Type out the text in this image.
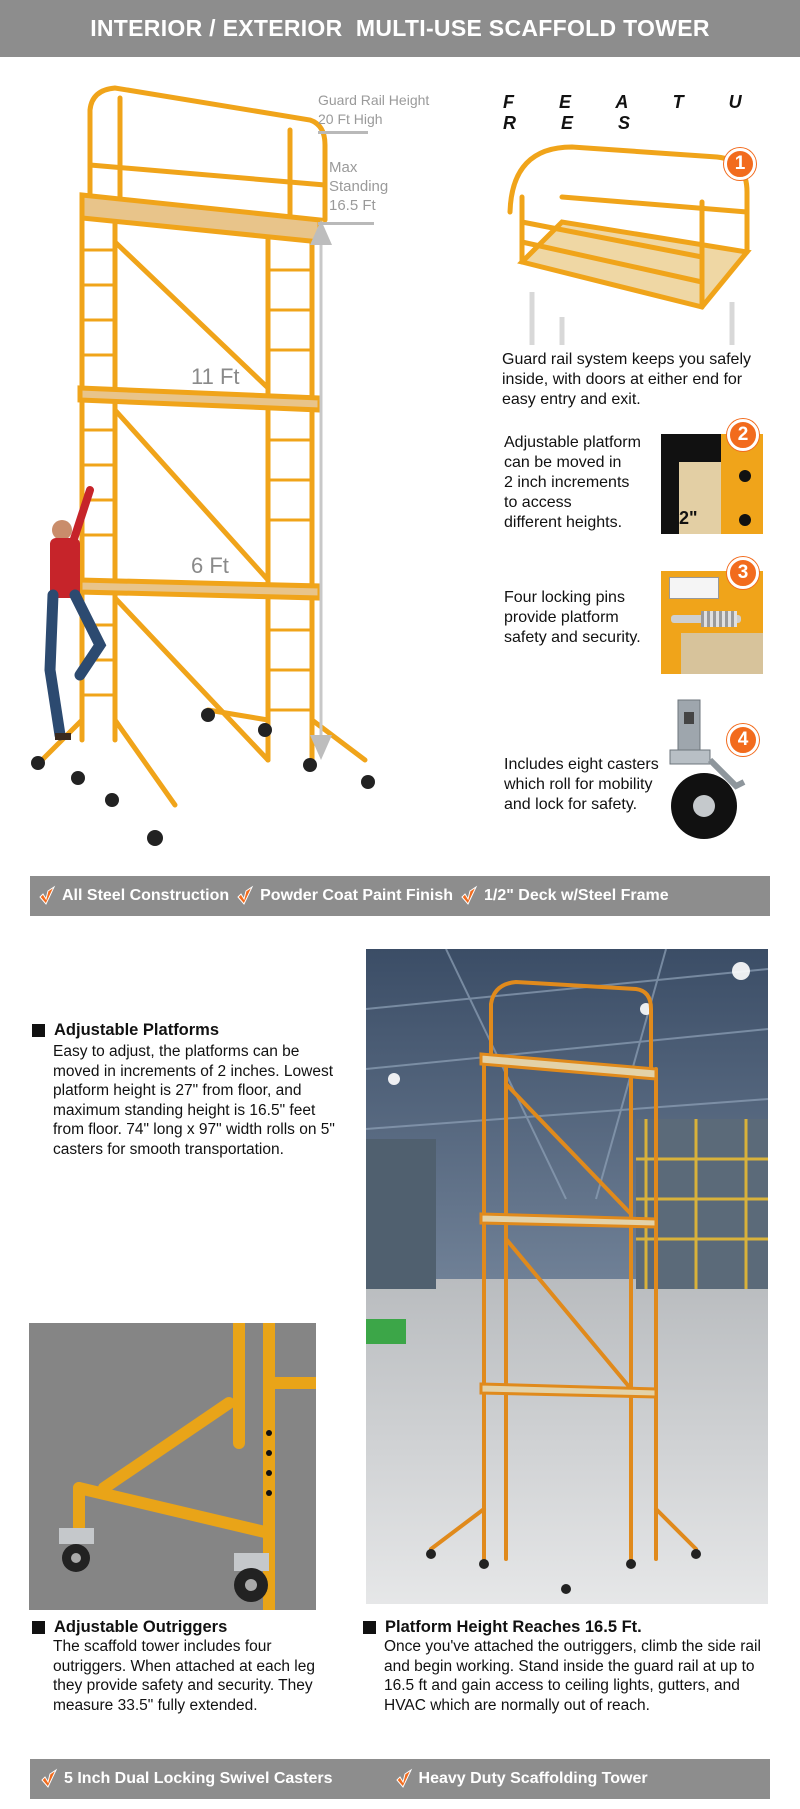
INTERIOR / EXTERIOR  MULTI-USE SCAFFOLD TOWER
Guard Rail Height
20 Ft High
Max
Standing
16.5 Ft
11 Ft
6 Ft
F E A T U R E S
1
Guard rail system keeps you safely inside, with doors at either end for easy entry and exit.
Adjustable platform
can be moved in
2 inch increments
to access
different heights.	2"
2
Four locking pins
provide platform
safety and security.
3
Includes eight casters
which roll for mobility
and lock for safety.
4
All Steel Construction Powder Coat Paint Finish 1/2" Deck w/Steel Frame
Adjustable Platforms
Easy to adjust, the platforms can be moved in increments of 2 inches. Lowest platform height is 27" from floor, and maximum standing height is 16.5" feet from floor. 74" long x 97" width rolls on 5" casters for smooth transportation.
Adjustable Outriggers
The scaffold tower includes four outriggers. When attached at each leg they provide safety and security. They measure 33.5" fully extended.
Platform Height Reaches 16.5 Ft.
Once you've attached the outriggers, climb the side rail and begin working. Stand inside the guard rail at up to 16.5 ft and gain access to ceiling lights, gutters, and HVAC which are normally out of reach.
5 Inch Dual Locking Swivel Casters	Heavy Duty Scaffolding Tower
